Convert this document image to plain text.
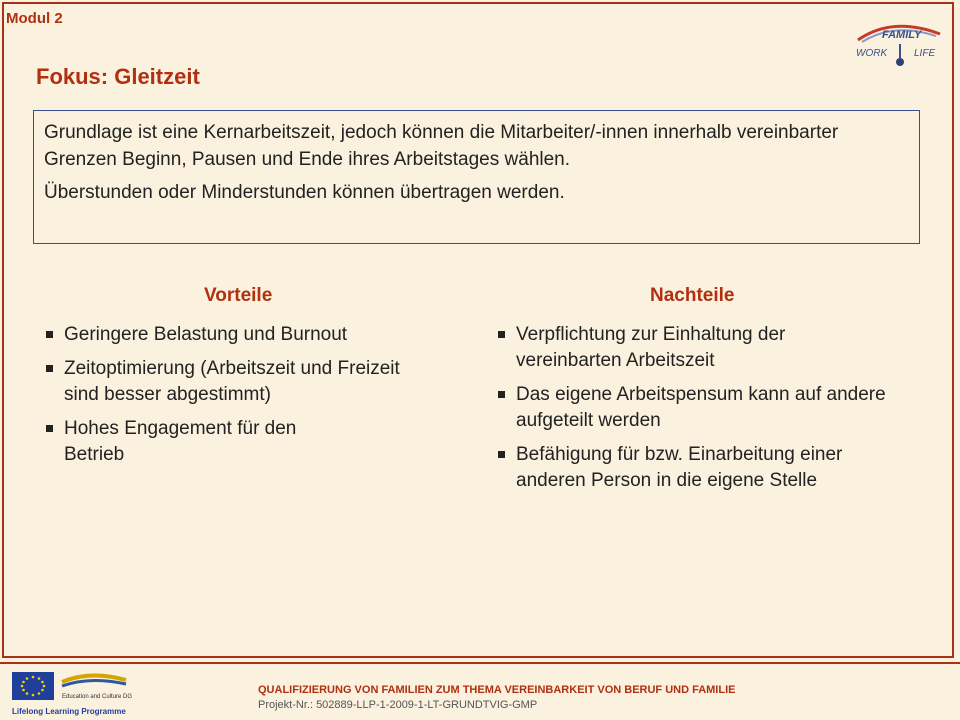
Modul 2
FAMILY
WORK	LIFE
Fokus: Gleitzeit

Grundlage ist eine Kernarbeitszeit, jedoch können die Mitarbeiter/-innen innerhalb vereinbarter Grenzen Beginn, Pausen und Ende ihres Arbeitstages wählen.

Überstunden oder Minderstunden können übertragen werden.

Vorteile	Nachteile
Geringere Belastung und Burnout
Zeitoptimierung (Arbeitszeit und Freizeit sind besser abgestimmt)
Hohes Engagement für den Betrieb
Verpflichtung zur Einhaltung der vereinbarten Arbeitszeit
Das eigene Arbeitspensum kann auf andere aufgeteilt werden
Befähigung für bzw. Einarbeitung einer anderen Person in die eigene Stelle
Education and Culture DG
Lifelong Learning Programme
QUALIFIZIERUNG VON FAMILIEN ZUM THEMA VEREINBARKEIT VON BERUF UND FAMILIE
Projekt-Nr.: 502889-LLP-1-2009-1-LT-GRUNDTVIG-GMP
